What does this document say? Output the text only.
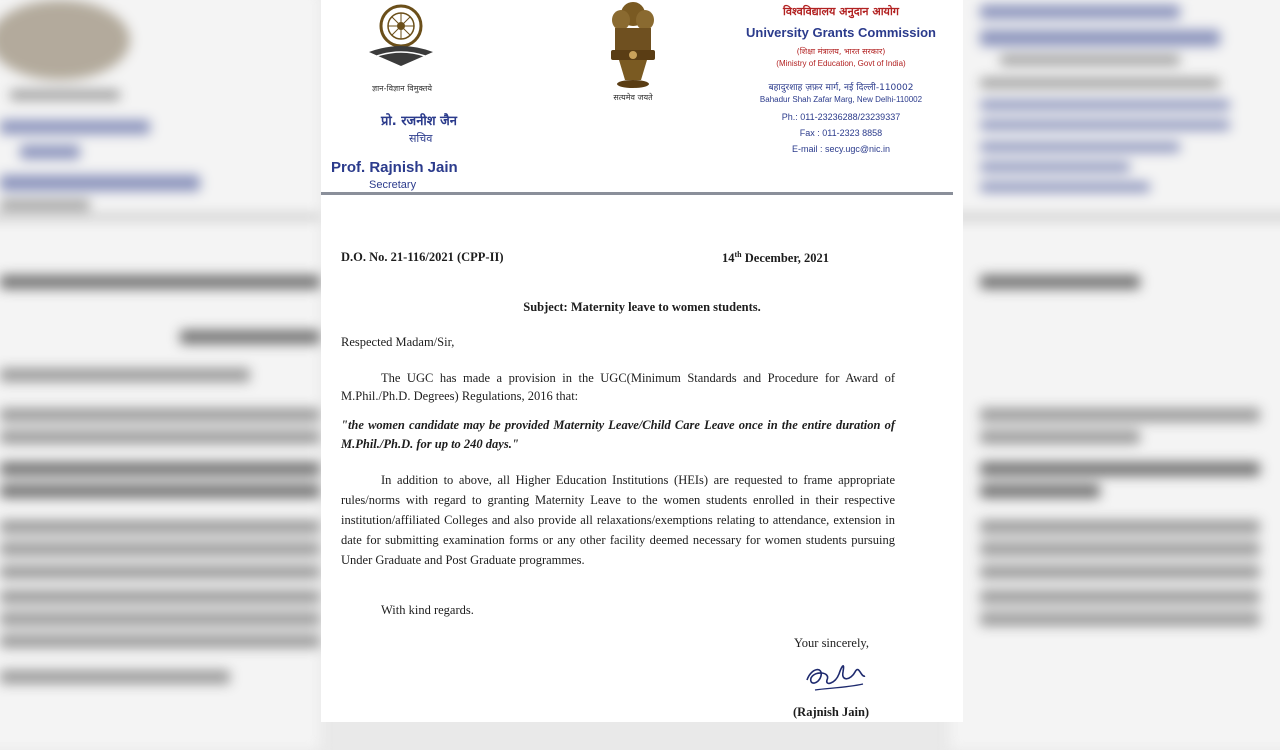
ज्ञान-विज्ञान विमुक्तये
सत्यमेव जयते
प्रो. रजनीश जैन
सचिव
Prof. Rajnish Jain
Secretary
विश्वविद्यालय अनुदान आयोग
University Grants Commission
(शिक्षा मंत्रालय, भारत सरकार)
(Ministry of Education, Govt of India)
बहादुरशाह ज़फ़र मार्ग, नई दिल्ली-110002
Bahadur Shah Zafar Marg, New Delhi-110002
Ph.: 011-23236288/23239337
Fax : 011-2323 8858
E-mail : secy.ugc@nic.in
D.O. No. 21-116/2021 (CPP-II)	14th December, 2021
Subject: Maternity leave to women students.
Respected Madam/Sir,
The UGC has made a provision in the UGC(Minimum Standards and Procedure for Award of M.Phil./Ph.D. Degrees) Regulations, 2016 that:
"the women candidate may be provided Maternity Leave/Child Care Leave once in the entire duration of M.Phil./Ph.D. for up to 240 days."
In addition to above, all Higher Education Institutions (HEIs) are requested to frame appropriate rules/norms with regard to granting Maternity Leave to the women students enrolled in their respective institution/affiliated Colleges and also provide all relaxations/exemptions relating to attendance, extension in date for submitting examination forms or any other facility deemed necessary for women students pursuing Under Graduate and Post Graduate programmes.
With kind regards.
Your sincerely,
(Rajnish Jain)
